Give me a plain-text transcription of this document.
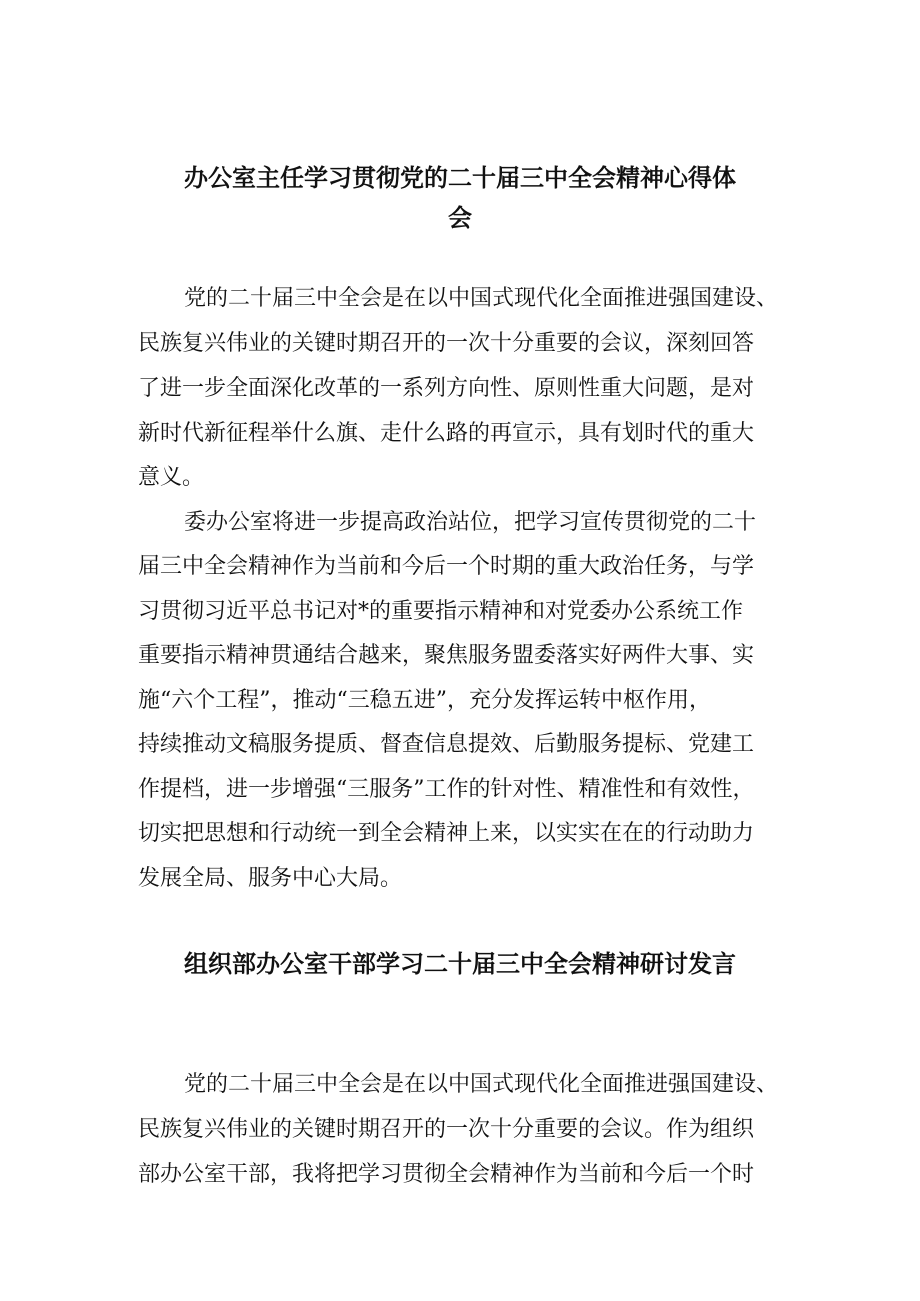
办公室主任学习贯彻党的二十届三中全会精神心得体
会

党的二十届三中全会是在以中国式现代化全面推进强国建设、

民族复兴伟业的关键时期召开的一次十分重要的会议，深刻回答

了进一步全面深化改革的一系列方向性、原则性重大问题，是对

新时代新征程举什么旗、走什么路的再宣示，具有划时代的重大

意义。

委办公室将进一步提高政治站位，把学习宣传贯彻党的二十

届三中全会精神作为当前和今后一个时期的重大政治任务，与学

习贯彻习近平总书记对*的重要指示精神和对党委办公系统工作

重要指示精神贯通结合越来，聚焦服务盟委落实好两件大事、实

施“六个工程”，推动“三稳五进”，充分发挥运转中枢作用，

持续推动文稿服务提质、督查信息提效、后勤服务提标、党建工

作提档，进一步增强“三服务”工作的针对性、精准性和有效性，

切实把思想和行动统一到全会精神上来，以实实在在的行动助力

发展全局、服务中心大局。

组织部办公室干部学习二十届三中全会精神研讨发言

党的二十届三中全会是在以中国式现代化全面推进强国建设、

民族复兴伟业的关键时期召开的一次十分重要的会议。作为组织

部办公室干部，我将把学习贯彻全会精神作为当前和今后一个时
